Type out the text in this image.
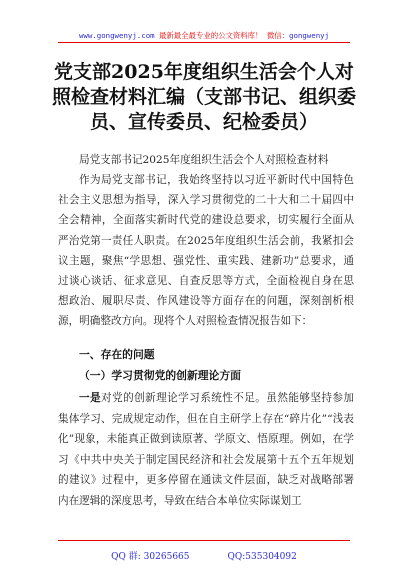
www.gongwenyj.com 最新最全最专业的公文资料库！ 微信：gongwenyj
党支部2025年度组织生活会个人对照检查材料汇编（支部书记、组织委员、宣传委员、纪检委员）
局党支部书记2025年度组织生活会个人对照检查材料
作为局党支部书记，我始终坚持以习近平新时代中国特色社会主义思想为指导，深入学习贯彻党的二十大和二十届四中全会精神，全面落实新时代党的建设总要求，切实履行全面从严治党第一责任人职责。在2025年度组织生活会前，我紧扣会议主题，聚焦“学思想、强党性、重实践、建新功”总要求，通过谈心谈话、征求意见、自查反思等方式，全面检视自身在思想政治、履职尽责、作风建设等方面存在的问题，深刻剖析根源，明确整改方向。现将个人对照检查情况报告如下：
一、存在的问题
（一）学习贯彻党的创新理论方面
一是对党的创新理论学习系统性不足。虽然能够坚持参加集体学习、完成规定动作，但在自主研学上存在“碎片化”“浅表化”现象，未能真正做到读原著、学原文、悟原理。例如，在学习《中共中央关于制定国民经济和社会发展第十五个五年规划的建议》过程中，更多停留在通读文件层面，缺乏对战略部署内在逻辑的深度思考，导致在结合本单位实际谋划工
QQ 群: 30265665	QQ:535304092
